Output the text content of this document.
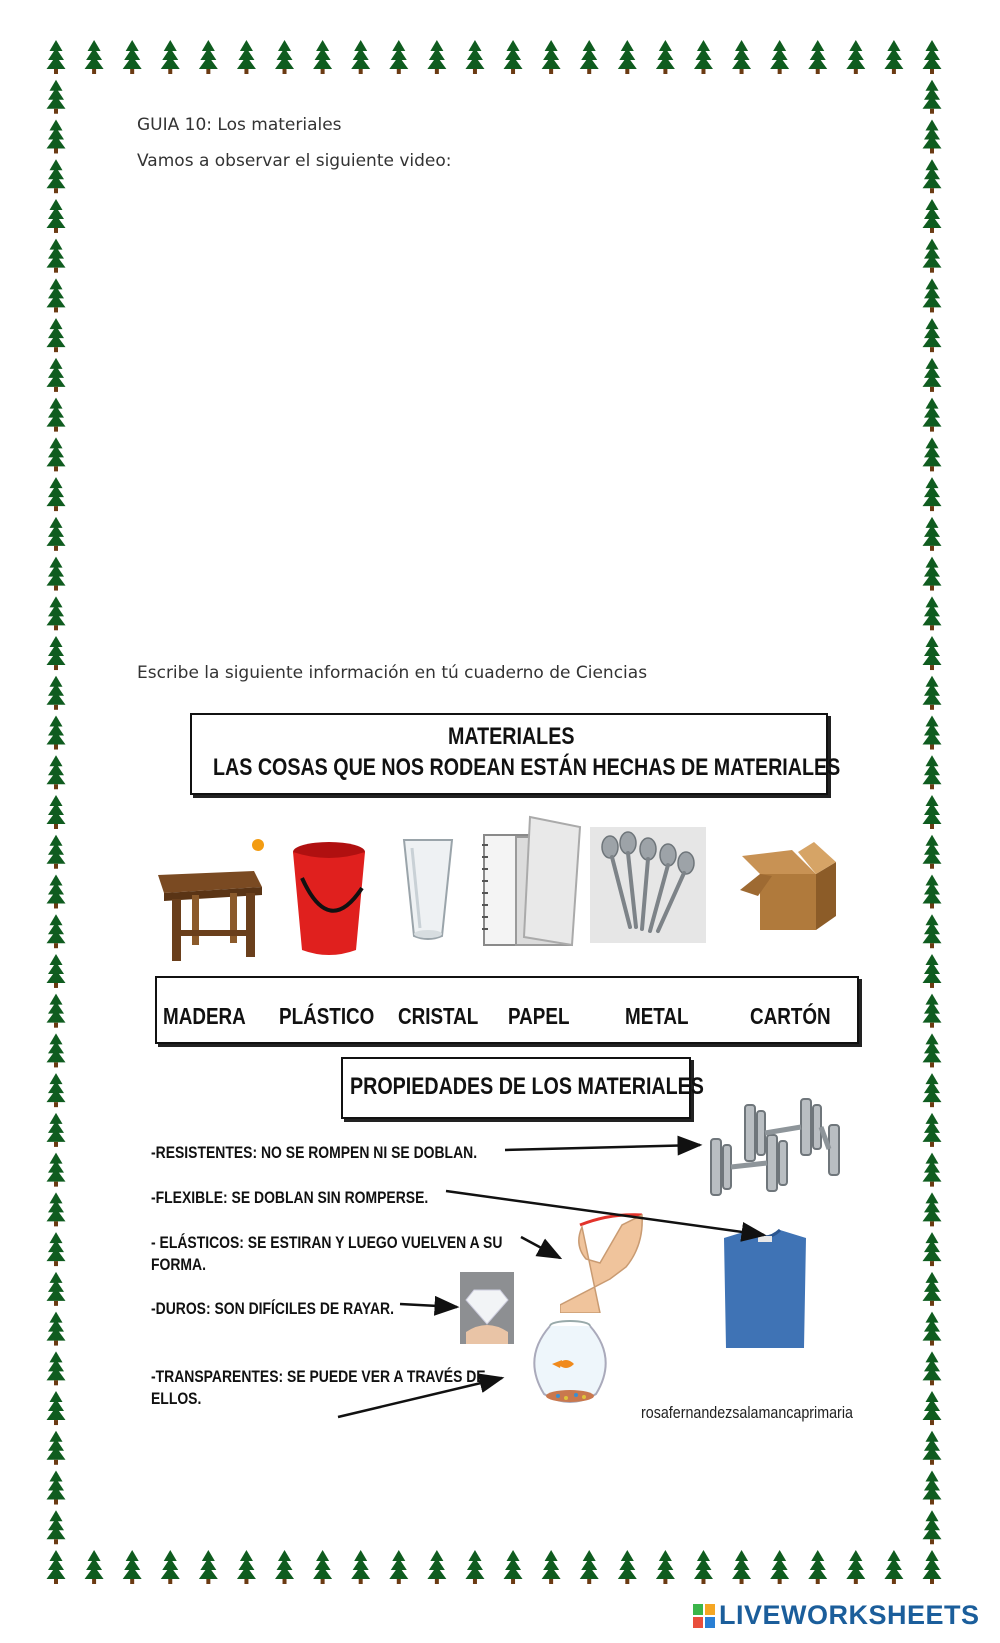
GUIA 10: Los materiales
Vamos a observar el siguiente video:
Escribe la siguiente información en tú cuaderno de Ciencias
MATERIALES
LAS COSAS QUE NOS RODEAN ESTÁN HECHAS DE MATERIALES
MADERA PLÁSTICO CRISTAL PAPEL METAL	CARTÓN
PROPIEDADES DE LOS MATERIALES
-RESISTENTES: NO SE ROMPEN NI SE DOBLAN.
-FLEXIBLE: SE DOBLAN SIN ROMPERSE.
- ELÁSTICOS: SE ESTIRAN Y LUEGO VUELVEN A SU
FORMA.
-DUROS: SON DIFÍCILES DE RAYAR.
-TRANSPARENTES: SE PUEDE VER A TRAVÉS DE
ELLOS.
rosafernandezsalamancaprimaria
LIVEWORKSHEETS
